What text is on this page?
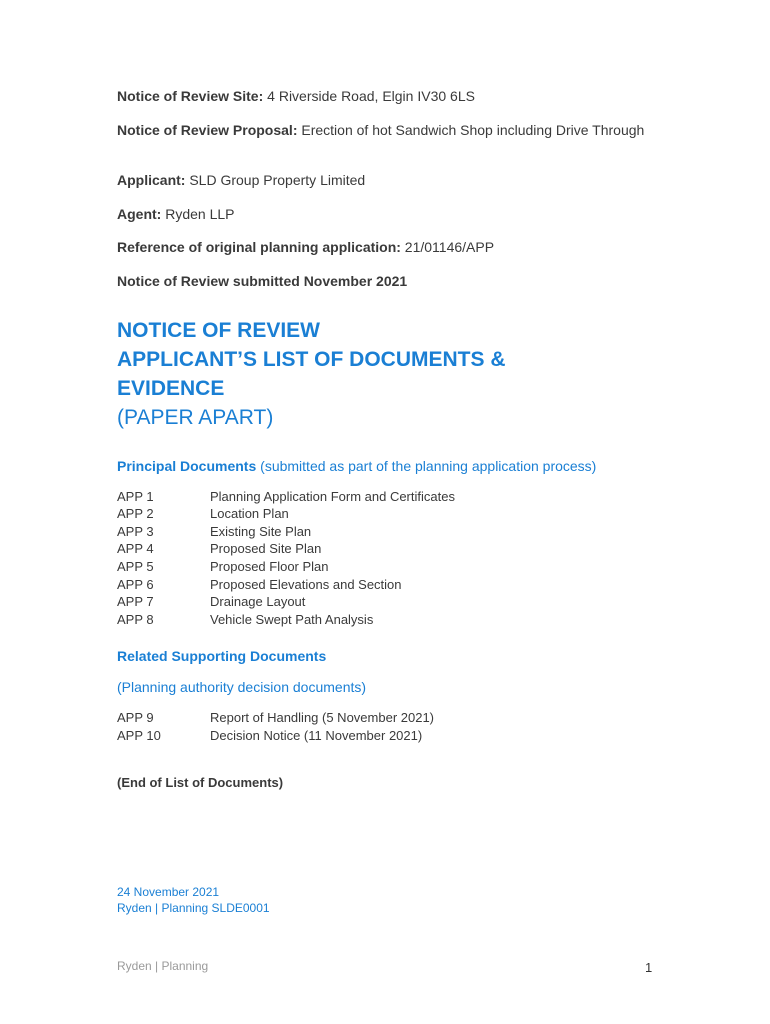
Notice of Review Site: 4 Riverside Road, Elgin IV30 6LS
Notice of Review Proposal: Erection of hot Sandwich Shop including Drive Through
Applicant: SLD Group Property Limited
Agent: Ryden LLP
Reference of original planning application: 21/01146/APP
Notice of Review submitted November 2021
NOTICE OF REVIEW
APPLICANT’S LIST OF DOCUMENTS &
EVIDENCE
(PAPER APART)
Principal Documents (submitted as part of the planning application process)
APP 1	Planning Application Form and Certificates
APP 2	Location Plan
APP 3	Existing Site Plan
APP 4	Proposed Site Plan
APP 5	Proposed Floor Plan
APP 6	Proposed Elevations and Section
APP 7	Drainage Layout
APP 8	Vehicle Swept Path Analysis
Related Supporting Documents
(Planning authority decision documents)
APP 9	Report of Handling (5 November 2021)
APP 10	Decision Notice (11 November 2021)
(End of List of Documents)
24 November 2021
Ryden | Planning SLDE0001
Ryden | Planning	1
